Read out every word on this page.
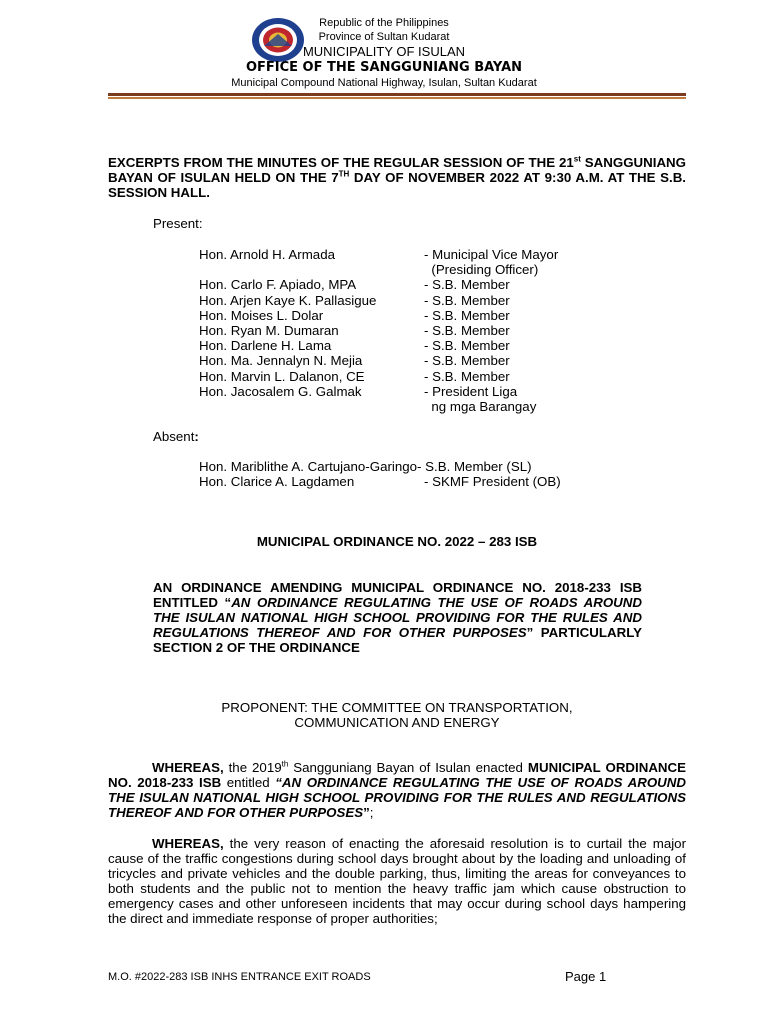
Republic of the Philippines
Province of Sultan Kudarat
MUNICIPALITY OF ISULAN
OFFICE OF THE SANGGUNIANG BAYAN
Municipal Compound National Highway, Isulan, Sultan Kudarat
EXCERPTS FROM THE MINUTES OF THE REGULAR SESSION OF THE 21st SANGGUNIANG BAYAN OF ISULAN HELD ON THE 7TH DAY OF NOVEMBER 2022 AT 9:30 A.M. AT THE S.B. SESSION HALL.
Present:
Hon. Arnold H. Armada	- Municipal Vice Mayor
(Presiding Officer)
Hon. Carlo F. Apiado, MPA	- S.B. Member
Hon. Arjen Kaye K. Pallasigue	- S.B. Member
Hon. Moises L. Dolar	- S.B. Member
Hon. Ryan M. Dumaran	- S.B. Member
Hon. Darlene H. Lama	- S.B. Member
Hon. Ma. Jennalyn N. Mejia	- S.B. Member
Hon. Marvin L. Dalanon, CE	- S.B. Member
Hon. Jacosalem G. Galmak	- President Liga
ng mga Barangay
Absent:
Hon. Mariblithe A. Cartujano-Garingo- S.B. Member (SL)
Hon. Clarice A. Lagdamen	- SKMF President (OB)
MUNICIPAL ORDINANCE NO. 2022 – 283 ISB
AN ORDINANCE AMENDING MUNICIPAL ORDINANCE NO. 2018-233 ISB ENTITLED “AN ORDINANCE REGULATING THE USE OF ROADS AROUND THE ISULAN NATIONAL HIGH SCHOOL PROVIDING FOR THE RULES AND REGULATIONS THEREOF AND FOR OTHER PURPOSES” PARTICULARLY SECTION 2 OF THE ORDINANCE
PROPONENT: THE COMMITTEE ON TRANSPORTATION,
COMMUNICATION AND ENERGY
WHEREAS, the 2019th Sangguniang Bayan of Isulan enacted MUNICIPAL ORDINANCE NO. 2018-233 ISB entitled “AN ORDINANCE REGULATING THE USE OF ROADS AROUND THE ISULAN NATIONAL HIGH SCHOOL PROVIDING FOR THE RULES AND REGULATIONS THEREOF AND FOR OTHER PURPOSES”;
WHEREAS, the very reason of enacting the aforesaid resolution is to curtail the major cause of the traffic congestions during school days brought about by the loading and unloading of tricycles and private vehicles and the double parking, thus, limiting the areas for conveyances to both students and the public not to mention the heavy traffic jam which cause obstruction to emergency cases and other unforeseen incidents that may occur during school days hampering the direct and immediate response of proper authorities;
M.O. #2022-283 ISB INHS ENTRANCE EXIT ROADS	Page 1
